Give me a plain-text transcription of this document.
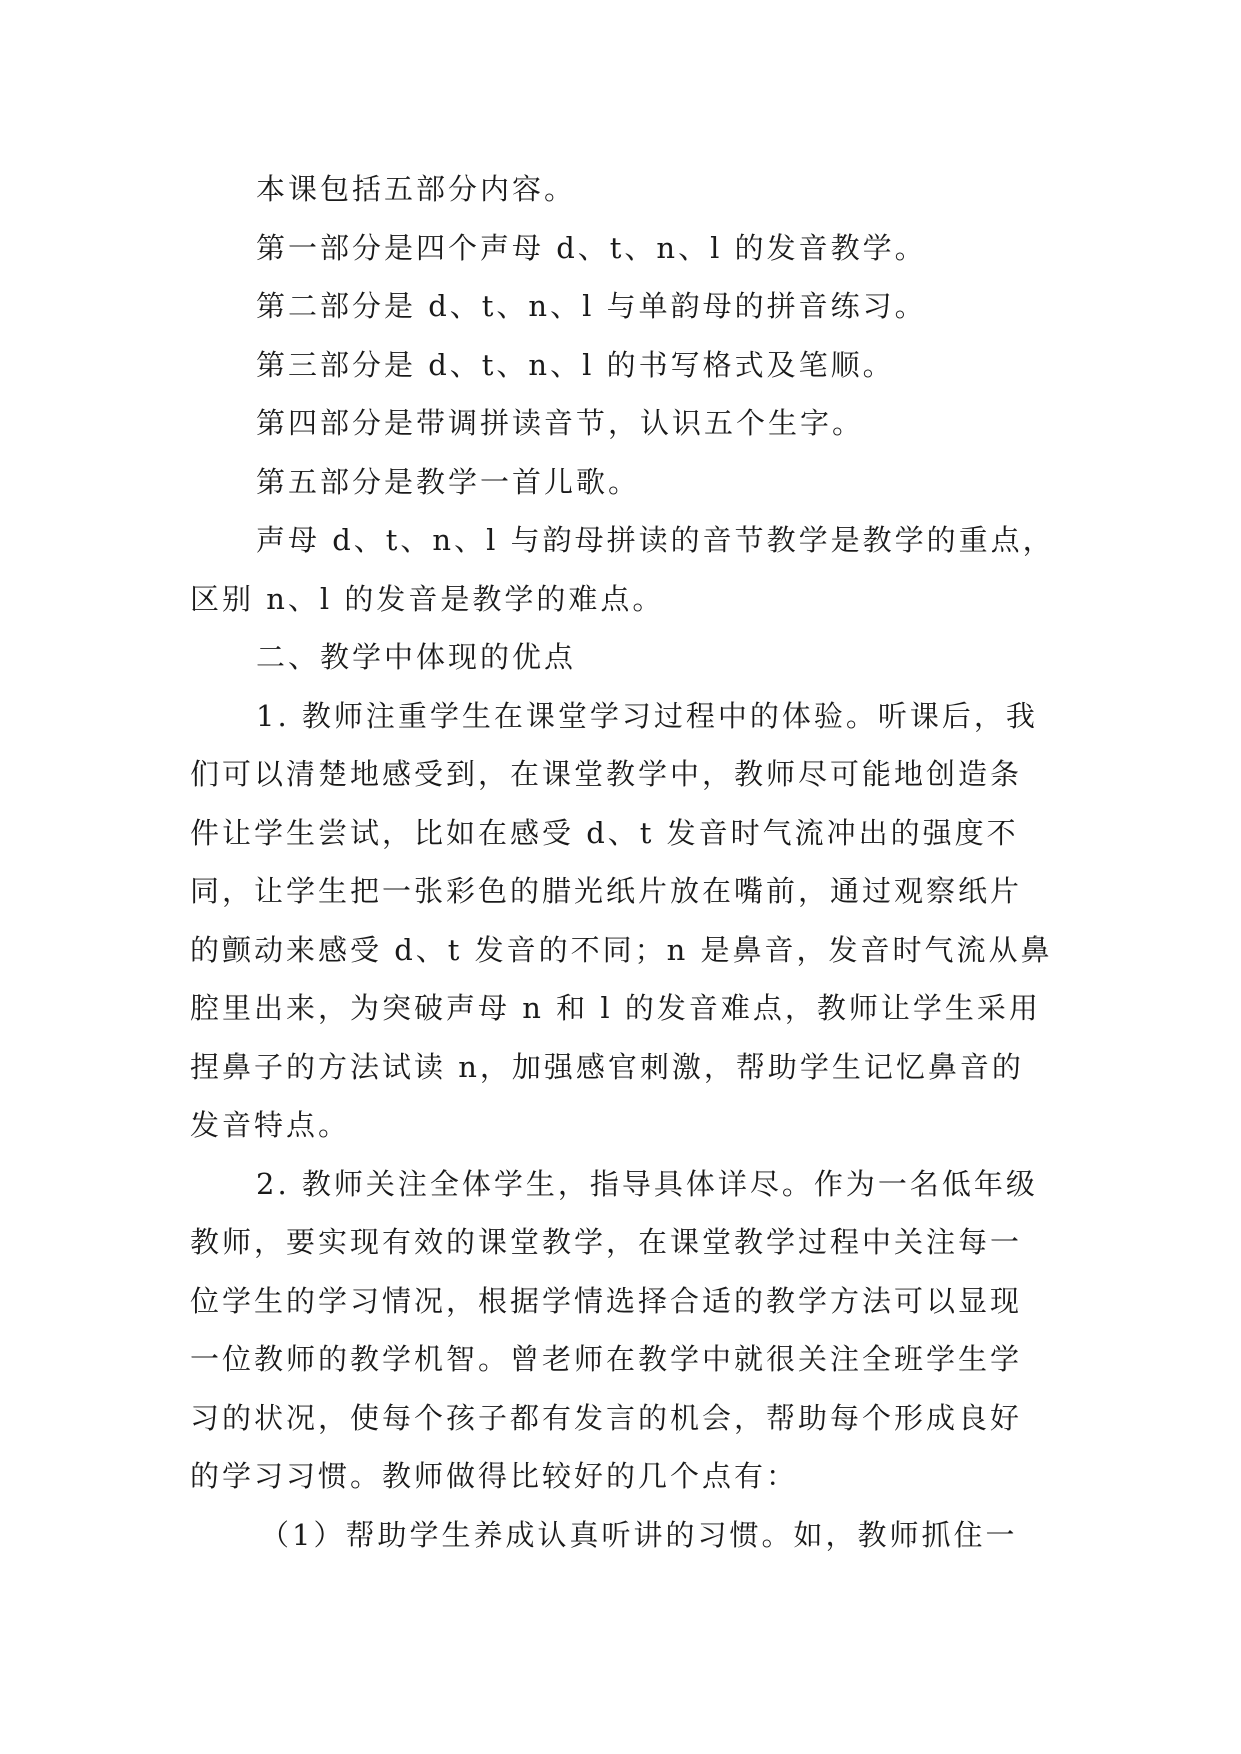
本课包括五部分内容。
第一部分是四个声母 d、t、n、l 的发音教学。
第二部分是 d、t、n、l 与单韵母的拼音练习。
第三部分是 d、t、n、l 的书写格式及笔顺。
第四部分是带调拼读音节，认识五个生字。
第五部分是教学一首儿歌。
声母 d、t、n、l 与韵母拼读的音节教学是教学的重点，
区别 n、l 的发音是教学的难点。
二、教学中体现的优点
1. 教师注重学生在课堂学习过程中的体验。听课后，我
们可以清楚地感受到，在课堂教学中，教师尽可能地创造条
件让学生尝试，比如在感受 d、t 发音时气流冲出的强度不
同，让学生把一张彩色的腊光纸片放在嘴前，通过观察纸片
的颤动来感受 d、t 发音的不同；n 是鼻音，发音时气流从鼻
腔里出来，为突破声母 n 和 l 的发音难点，教师让学生采用
捏鼻子的方法试读 n，加强感官刺激，帮助学生记忆鼻音的
发音特点。
2. 教师关注全体学生，指导具体详尽。作为一名低年级
教师，要实现有效的课堂教学，在课堂教学过程中关注每一
位学生的学习情况，根据学情选择合适的教学方法可以显现
一位教师的教学机智。曾老师在教学中就很关注全班学生学
习的状况，使每个孩子都有发言的机会，帮助每个形成良好
的学习习惯。教师做得比较好的几个点有：
（1）帮助学生养成认真听讲的习惯。如，教师抓住一
